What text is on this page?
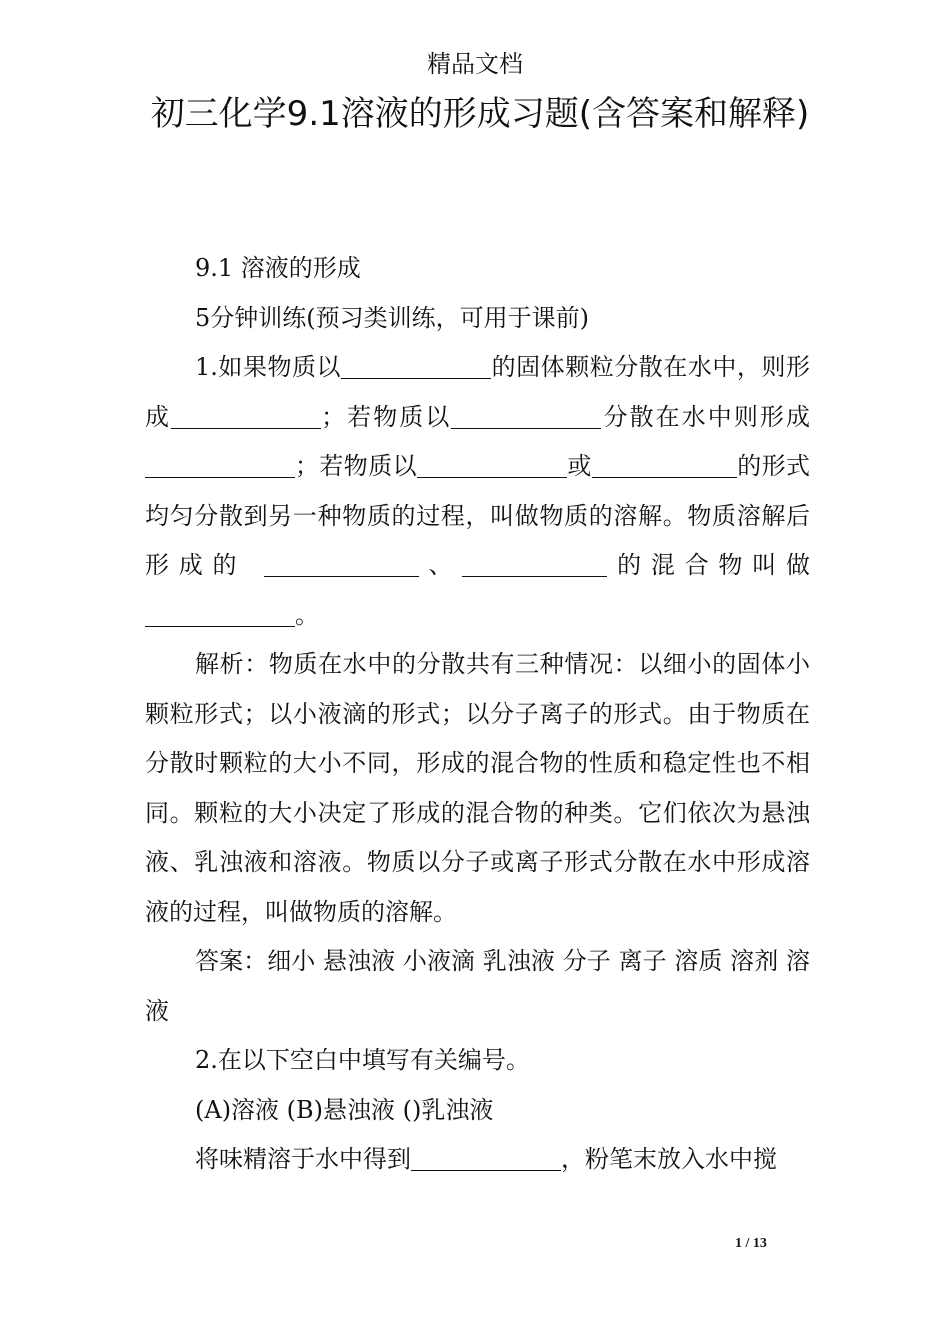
精品文档
初三化学9.1溶液的形成习题(含答案和解释)

9.1 溶液的形成

5分钟训练(预习类训练，可用于课前)

1.如果物质以	的固体颗粒分散在水中，则形成	；若物质以	分散在水中则形成；若物质以	或	的形式均匀分散到另一种物质的过程，叫做物质的溶解。物质溶解后形成的	、	的混合物叫做。

解析：物质在水中的分散共有三种情况：以细小的固体小颗粒形式；以小液滴的形式；以分子离子的形式。由于物质在分散时颗粒的大小不同，形成的混合物的性质和稳定性也不相同。颗粒的大小决定了形成的混合物的种类。它们依次为悬浊液、乳浊液和溶液。物质以分子或离子形式分散在水中形成溶液的过程，叫做物质的溶解。

答案：细小 悬浊液 小液滴 乳浊液 分子 离子 溶质 溶剂 溶液

2.在以下空白中填写有关编号。

(A)溶液 (B)悬浊液 ()乳浊液

将味精溶于水中得到	，粉笔末放入水中搅

1 / 13
